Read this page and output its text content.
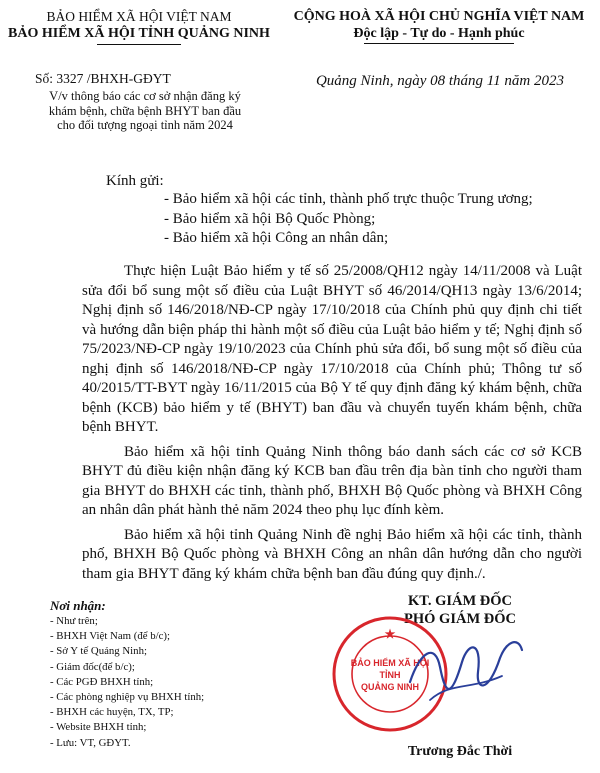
BẢO HIỂM XÃ HỘI VIỆT NAM
BẢO HIỂM XÃ HỘI TỈNH QUẢNG NINH
CỘNG HOÀ XÃ HỘI CHỦ NGHĨA VIỆT NAM
Độc lập - Tự do - Hạnh phúc
Số: 3327 /BHXH-GĐYT
V/v thông báo các cơ sở nhận đăng ký
khám bệnh, chữa bệnh BHYT ban đầu
cho đối tượng ngoại tỉnh năm 2024
Quảng Ninh, ngày 08 tháng 11 năm 2023
Kính gửi:
- Bảo hiểm xã hội các tỉnh, thành phố trực thuộc Trung ương;
- Bảo hiểm xã hội Bộ Quốc Phòng;
- Bảo hiểm xã hội Công an nhân dân;

Thực hiện Luật Bảo hiểm y tế số 25/2008/QH12 ngày 14/11/2008 và Luật sửa đổi bổ sung một số điều của Luật BHYT số 46/2014/QH13 ngày 13/6/2014; Nghị định số 146/2018/NĐ-CP ngày 17/10/2018 của Chính phủ quy định chi tiết và hướng dẫn biện pháp thi hành một số điều của Luật bảo hiểm y tế; Nghị định số 75/2023/NĐ-CP ngày 19/10/2023 của Chính phủ sửa đổi, bổ sung một số điều của nghị định số 146/2018/NĐ-CP ngày 17/10/2018 của Chính phủ; Thông tư số 40/2015/TT-BYT ngày 16/11/2015 của Bộ Y tế quy định đăng ký khám bệnh, chữa bệnh (KCB) bảo hiểm y tế (BHYT) ban đầu và chuyển tuyến khám bệnh, chữa bệnh BHYT.

Bảo hiểm xã hội tỉnh Quảng Ninh thông báo danh sách các cơ sở KCB BHYT đủ điều kiện nhận đăng ký KCB ban đầu trên địa bàn tỉnh cho người tham gia BHYT do BHXH các tỉnh, thành phố, BHXH Bộ Quốc phòng và BHXH Công an nhân dân phát hành thẻ năm 2024 theo phụ lục đính kèm.

Bảo hiểm xã hội tỉnh Quảng Ninh đề nghị Bảo hiểm xã hội các tỉnh, thành phố, BHXH Bộ Quốc phòng và BHXH Công an nhân dân hướng dẫn cho người tham gia BHYT đăng ký khám chữa bệnh ban đầu đúng quy định./.

Nơi nhận:
- Như trên;
- BHXH Việt Nam (để b/c);
- Sở Y tế Quảng Ninh;
- Giám đốc(để b/c);
- Các PGĐ BHXH tỉnh;
- Các phòng nghiệp vụ BHXH tỉnh;
- BHXH các huyện, TX, TP;
- Website BHXH tỉnh;
- Lưu: VT, GĐYT.
KT. GIÁM ĐỐC
PHÓ GIÁM ĐỐC
BẢO HIỂM XÃ HỘI
TỈNH
QUẢNG NINH
★
Trương Đắc Thời
